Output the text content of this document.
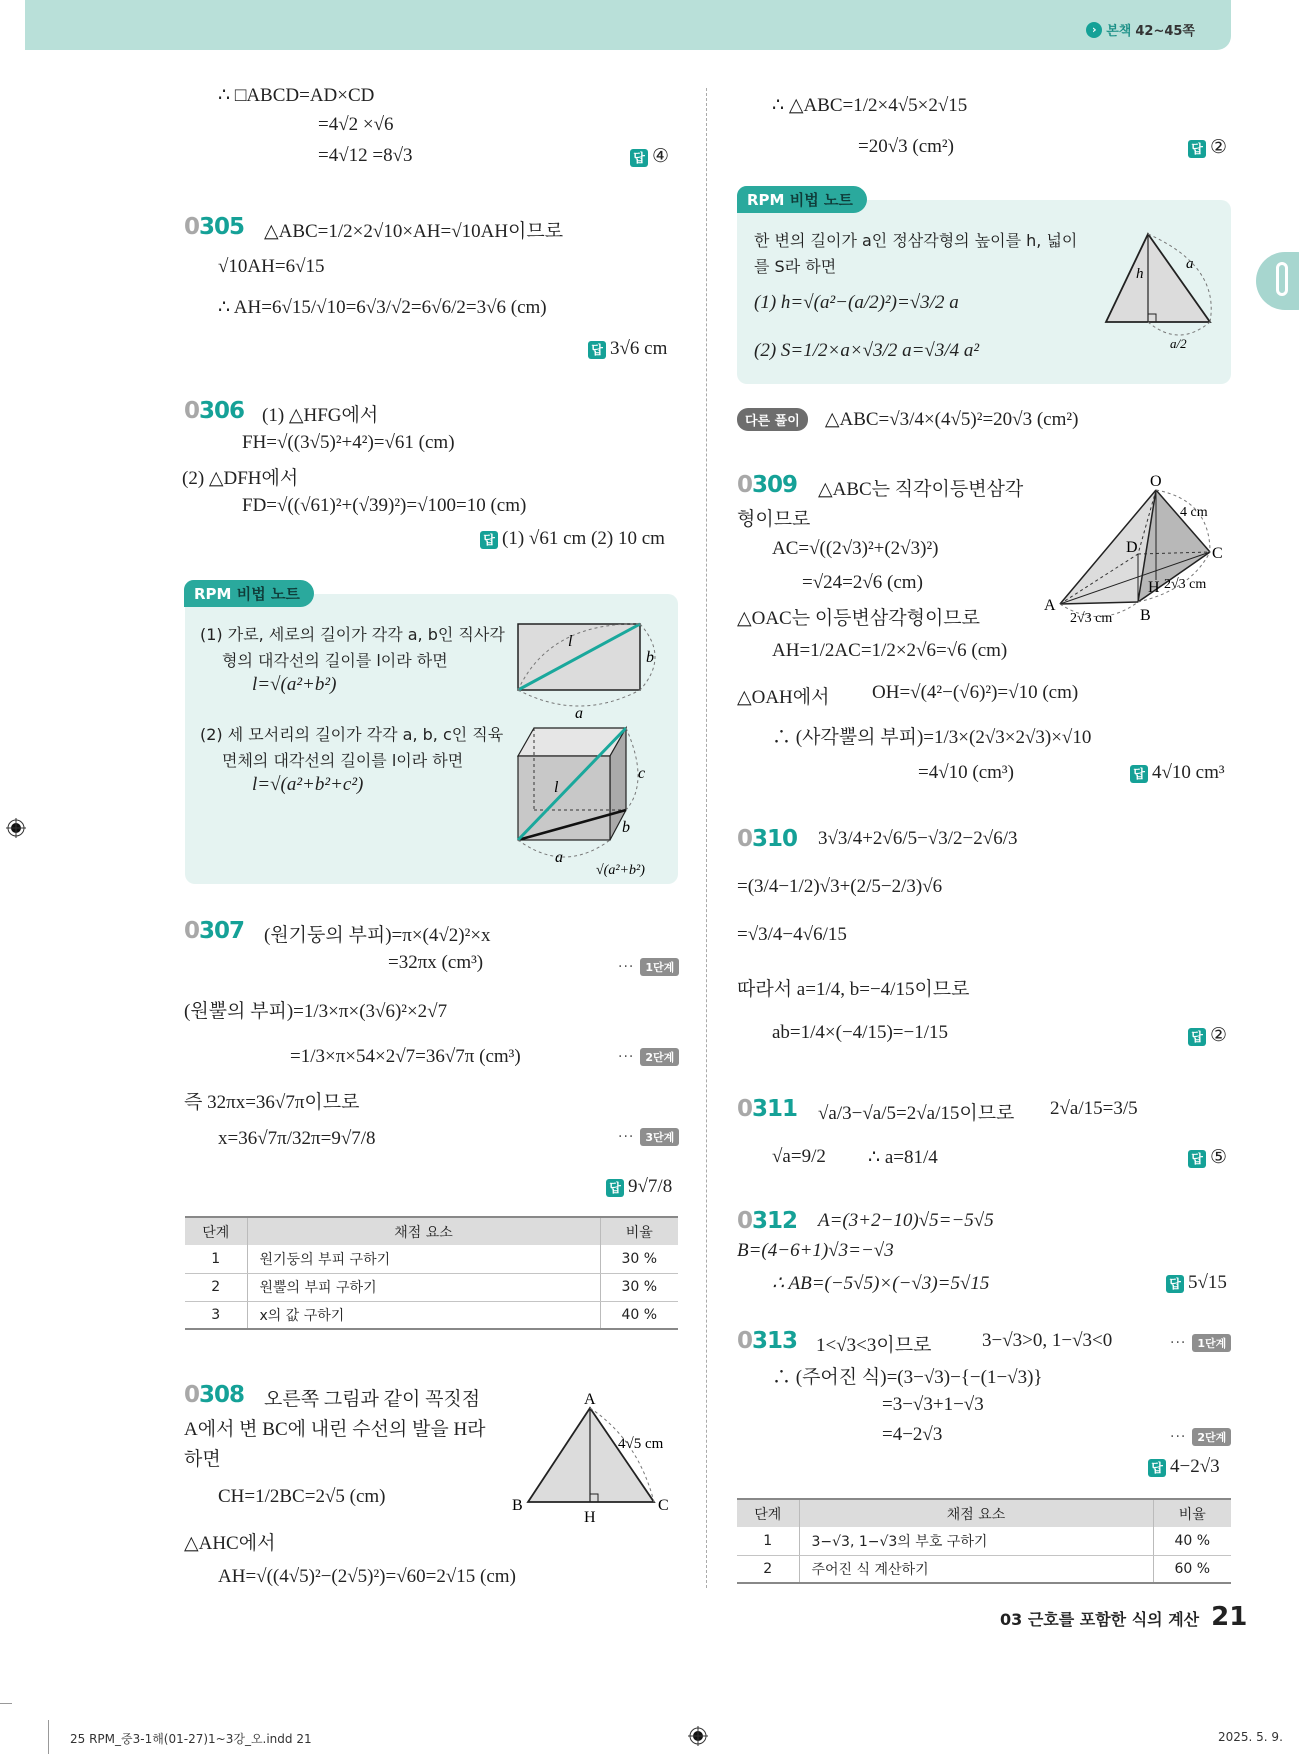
› 본책 42~45쪽
∴ □ABCD=AD×CD
=4√2 ×√6
=4√12 =8√3	답 ④
0305 △ABC=1/2×2√10×AH=√10AH이므로
√10AH=6√15
∴ AH=6√15/√10=6√3/√2=6√6/2=3√6 (cm)
답 3√6 cm
0306 (1) △HFG에서
FH=√((3√5)²+4²)=√61 (cm)
(2) △DFH에서
FD=√((√61)²+(√39)²)=√100=10 (cm)
답 (1) √61 cm (2) 10 cm
RPM 비법 노트
(1) 가로, 세로의 길이가 각각 a, b인 직사각
형의 대각선의 길이를 l이라 하면
l=√(a²+b²)
(2) 세 모서리의 길이가 각각 a, b, c인 직육
면체의 대각선의 길이를 l이라 하면
l=√(a²+b²+c²)
l
b
a
l
c
b
a
√(a²+b²)
0307 (원기둥의 부피)=π×(4√2)²×x
=32πx (cm³)	··· 1단계
(원뿔의 부피)=1/3×π×(3√6)²×2√7
=1/3×π×54×2√7=36√7π (cm³)	··· 2단계
즉 32πx=36√7π이므로
x=36√7π/32π=9√7/8	··· 3단계
답 9√7/8
단계	채점 요소	비율
1	원기둥의 부피 구하기	30 %
2	원뿔의 부피 구하기	30 %
3	x의 값 구하기	40 %
0308 오른쪽 그림과 같이 꼭짓점
A에서 변 BC에 내린 수선의 발을 H라
하면
CH=1/2BC=2√5 (cm)
△AHC에서
AH=√((4√5)²−(2√5)²)=√60=2√15 (cm)
A
B	C
H
4√5 cm
∴ △ABC=1/2×4√5×2√15
=20√3 (cm²)	답 ②
RPM 비법 노트
한 변의 길이가 a인 정삼각형의 높이를 h, 넓이
를 S라 하면
(1) h=√(a²−(a/2)²)=√3/2 a
(2) S=1/2×a×√3/2 a=√3/4 a²
h
a
a/2
다른 풀이 △ABC=√3/4×(4√5)²=20√3 (cm²)
0309 △ABC는 직각이등변삼각
형이므로
AC=√((2√3)²+(2√3)²)
=√24=2√6 (cm)
△OAC는 이등변삼각형이므로
AH=1/2AC=1/2×2√6=√6 (cm)
△OAH에서 OH=√(4²−(√6)²)=√10 (cm)
∴ (사각뿔의 부피)=1/3×(2√3×2√3)×√10
=4√10 (cm³)	답 4√10 cm³
O
A
B
C
D
H
4 cm
2√3 cm
2√3 cm
0310 3√3/4+2√6/5−√3/2−2√6/3
=(3/4−1/2)√3+(2/5−2/3)√6
=√3/4−4√6/15
따라서 a=1/4, b=−4/15이므로
ab=1/4×(−4/15)=−1/15	답 ②
0311 √a/3−√a/5=2√a/15이므로 2√a/15=3/5
√a=9/2 ∴ a=81/4	답 ⑤
0312 A=(3+2−10)√5=−5√5
B=(4−6+1)√3=−√3
∴ AB=(−5√5)×(−√3)=5√15	답 5√15
0313 1<√3<3이므로	3−√3>0, 1−√3<0	··· 1단계
∴ (주어진 식)=(3−√3)−{−(1−√3)}
=3−√3+1−√3
=4−2√3	··· 2단계
답 4−2√3
단계	채점 요소	비율
1	3−√3, 1−√3의 부호 구하기	40 %
2	주어진 식 계산하기	60 %
03 근호를 포함한 식의 계산 21
25 RPM_중3-1해(01-27)1~3강_오.indd 21	2025. 5. 9.
